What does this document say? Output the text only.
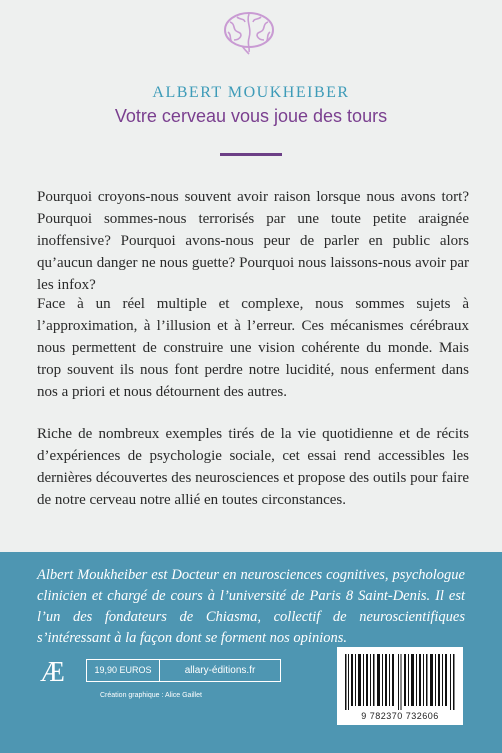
ALBERT MOUKHEIBER
Votre cerveau vous joue des tours
Pourquoi croyons-nous souvent avoir raison lorsque nous avons tort? Pourquoi sommes-nous terrorisés par une toute petite araignée inoffensive? Pourquoi avons-nous peur de parler en public alors qu’aucun danger ne nous guette? Pourquoi nous laissons-nous avoir par les infox?
Face à un réel multiple et complexe, nous sommes sujets à l’approximation, à l’illusion et à l’erreur. Ces mécanismes cérébraux nous permettent de construire une vision cohérente du monde. Mais trop souvent ils nous font perdre notre lucidité, nous enferment dans nos a priori et nous détournent des autres.
Riche de nombreux exemples tirés de la vie quotidienne et de récits d’expériences de psychologie sociale, cet essai rend accessibles les dernières découvertes des neurosciences et propose des outils pour faire de notre cerveau notre allié en toutes circonstances.
Albert Moukheiber est Docteur en neurosciences cognitives, psychologue clinicien et chargé de cours à l’université de Paris 8 Saint-Denis. Il est l’un des fondateurs de Chiasma, collectif de neuroscientifiques s’intéressant à la façon dont se forment nos opinions.
Æ	19,90 EUROS	allary-éditions.fr
Création graphique : Alice Gaillet
9 782370 732606
